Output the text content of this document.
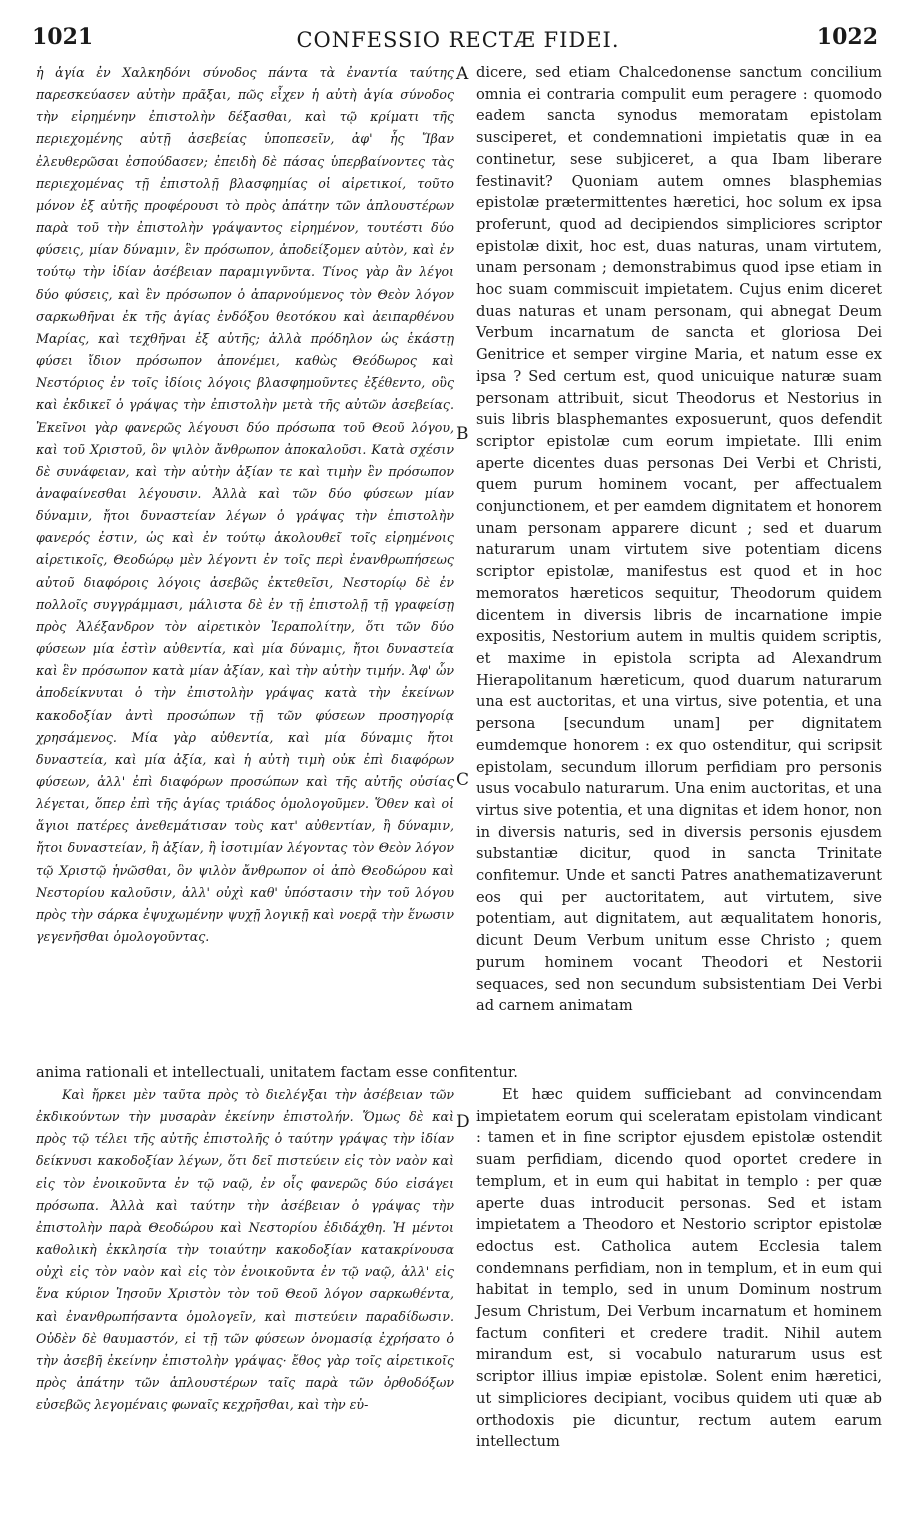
1021	CONFESSIO RECTÆ FIDEI.	1022

ἡ ἁγία ἐν Χαλκηδόνι σύνοδος πάντα τὰ ἐναντία ταύτης παρεσκεύασεν αὐτὴν πρᾶξαι, πῶς εἶχεν ἡ αὐτὴ ἁγία σύνοδος τὴν εἰρημένην ἐπιστολὴν δέξασθαι, καὶ τῷ κρίματι τῆς περιεχομένης αὐτῇ ἀσεβείας ὑποπεσεῖν, ἀφ' ἧς Ἴβαν ἐλευθερῶσαι ἐσπούδασεν; ἐπειδὴ δὲ πάσας ὑπερβαίνοντες τὰς περιεχομένας τῇ ἐπιστολῇ βλασφημίας οἱ αἱρετικοί, τοῦτο μόνον ἐξ αὐτῆς προφέρουσι τὸ πρὸς ἀπάτην τῶν ἁπλουστέρων παρὰ τοῦ τὴν ἐπιστολὴν γράψαντος εἰρημένον, τουτέστι δύο φύσεις, μίαν δύναμιν, ἓν πρόσωπον, ἀποδείξομεν αὐτὸν, καὶ ἐν τούτῳ τὴν ἰδίαν ἀσέβειαν παραμιγνῦντα. Τίνος γὰρ ἂν λέγοι δύο φύσεις, καὶ ἓν πρόσωπον ὁ ἀπαρνούμενος τὸν Θεὸν λόγον σαρκωθῆναι ἐκ τῆς ἁγίας ἐνδόξου θεοτόκου καὶ ἀειπαρθένου Μαρίας, καὶ τεχθῆναι ἐξ αὐτῆς; ἀλλὰ πρόδηλον ὡς ἑκάστῃ φύσει ἴδιον πρόσωπον ἀπονέμει, καθὼς Θεόδωρος καὶ Νεστόριος ἐν τοῖς ἰδίοις λόγοις βλασφημοῦντες ἐξέθεντο, οὓς καὶ ἐκδικεῖ ὁ γράψας τὴν ἐπιστολὴν μετὰ τῆς αὐτῶν ἀσεβείας. Ἐκεῖνοι γὰρ φανερῶς λέγουσι δύο πρόσωπα τοῦ Θεοῦ λόγου, καὶ τοῦ Χριστοῦ, ὃν ψιλὸν ἄνθρωπον ἀποκαλοῦσι. Κατὰ σχέσιν δὲ συνάφειαν, καὶ τὴν αὐτὴν ἀξίαν τε καὶ τιμὴν ἓν πρόσωπον ἀναφαίνεσθαι λέγουσιν. Ἀλλὰ καὶ τῶν δύο φύσεων μίαν δύναμιν, ἤτοι δυναστείαν λέγων ὁ γράψας τὴν ἐπιστολὴν φανερός ἐστιν, ὡς καὶ ἐν τούτῳ ἀκολουθεῖ τοῖς εἰρημένοις αἱρετικοῖς, Θεοδώρῳ μὲν λέγοντι ἐν τοῖς περὶ ἐνανθρωπήσεως αὐτοῦ διαφόροις λόγοις ἀσεβῶς ἐκτεθεῖσι, Νεστορίῳ δὲ ἐν πολλοῖς συγγράμμασι, μάλιστα δὲ ἐν τῇ ἐπιστολῇ τῇ γραφείσῃ πρὸς Ἀλέξανδρον τὸν αἱρετικὸν Ἱεραπολίτην, ὅτι τῶν δύο φύσεων μία ἐστὶν αὐθεντία, καὶ μία δύναμις, ἤτοι δυναστεία καὶ ἓν πρόσωπον κατὰ μίαν ἀξίαν, καὶ τὴν αὐτὴν τιμήν. Ἀφ' ὧν ἀποδείκνυται ὁ τὴν ἐπιστολὴν γράψας κατὰ τὴν ἐκείνων κακοδοξίαν ἀντὶ προσώπων τῇ τῶν φύσεων προσηγορίᾳ χρησάμενος. Μία γὰρ αὐθεντία, καὶ μία δύναμις ἤτοι δυναστεία, καὶ μία ἀξία, καὶ ἡ αὐτὴ τιμὴ οὐκ ἐπὶ διαφόρων φύσεων, ἀλλ' ἐπὶ διαφόρων προσώπων καὶ τῆς αὐτῆς οὐσίας λέγεται, ὅπερ ἐπὶ τῆς ἁγίας τριάδος ὁμολογοῦμεν. Ὅθεν καὶ οἱ ἅγιοι πατέρες ἀνεθεμάτισαν τοὺς κατ' αὐθεντίαν, ἢ δύναμιν, ἤτοι δυναστείαν, ἢ ἀξίαν, ἢ ἰσοτιμίαν λέγοντας τὸν Θεὸν λόγον τῷ Χριστῷ ἡνῶσθαι, ὃν ψιλὸν ἄνθρωπον οἱ ἀπὸ Θεοδώρου καὶ Νεστορίου καλοῦσιν, ἀλλ' οὐχὶ καθ' ὑπόστασιν τὴν τοῦ λόγου πρὸς τὴν σάρκα ἐψυχωμένην ψυχῇ λογικῇ καὶ νοερᾷ τὴν ἕνωσιν γεγενῆσθαι ὁμολογοῦντας.

dicere, sed etiam Chalcedonense sanctum concilium omnia ei contraria compulit eum peragere : quomodo eadem sancta synodus memoratam epistolam susciperet, et condemnationi impietatis quæ in ea continetur, sese subjiceret, a qua Ibam liberare festinavit? Quoniam autem omnes blasphemias epistolæ prætermittentes hæretici, hoc solum ex ipsa proferunt, quod ad decipiendos simpliciores scriptor epistolæ dixit, hoc est, duas naturas, unam virtutem, unam personam ; demonstrabimus quod ipse etiam in hoc suam commiscuit impietatem. Cujus enim diceret duas naturas et unam personam, qui abnegat Deum Verbum incarnatum de sancta et gloriosa Dei Genitrice et semper virgine Maria, et natum esse ex ipsa ? Sed certum est, quod unicuique naturæ suam personam attribuit, sicut Theodorus et Nestorius in suis libris blasphemantes exposuerunt, quos defendit scriptor epistolæ cum eorum impietate. Illi enim aperte dicentes duas personas Dei Verbi et Christi, quem purum hominem vocant, per affectualem conjunctionem, et per eamdem dignitatem et honorem unam personam apparere dicunt ; sed et duarum naturarum unam virtutem sive potentiam dicens scriptor epistolæ, manifestus est quod et in hoc memoratos hæreticos sequitur, Theodorum quidem dicentem in diversis libris de incarnatione impie expositis, Nestorium autem in multis quidem scriptis, et maxime in epistola scripta ad Alexandrum Hierapolitanum hæreticum, quod duarum naturarum una est auctoritas, et una virtus, sive potentia, et una persona [secundum unam] per dignitatem eumdemque honorem : ex quo ostenditur, qui scripsit epistolam, secundum illorum perfidiam pro personis usus vocabulo naturarum. Una enim auctoritas, et una virtus sive potentia, et una dignitas et idem honor, non in diversis naturis, sed in diversis personis ejusdem substantiæ dicitur, quod in sancta Trinitate confitemur. Unde et sancti Patres anathematizaverunt eos qui per auctoritatem, aut virtutem, sive potentiam, aut dignitatem, aut æqualitatem honoris, dicunt Deum Verbum unitum esse Christo ; quem purum hominem vocant Theodori et Nestorii sequaces, sed non secundum subsistentiam Dei Verbi ad carnem animatam

A
B
C
D

anima rationali et intellectuali, unitatem factam esse confitentur.

Καὶ ἤρκει μὲν ταῦτα πρὸς τὸ διελέγξαι τὴν ἀσέβειαν τῶν ἐκδικούντων τὴν μυσαρὰν ἐκείνην ἐπιστολήν. Ὅμως δὲ καὶ πρὸς τῷ τέλει τῆς αὐτῆς ἐπιστολῆς ὁ ταύτην γράψας τὴν ἰδίαν δείκνυσι κακοδοξίαν λέγων, ὅτι δεῖ πιστεύειν εἰς τὸν ναὸν καὶ εἰς τὸν ἐνοικοῦντα ἐν τῷ ναῷ, ἐν οἷς φανερῶς δύο εἰσάγει πρόσωπα. Ἀλλὰ καὶ ταύτην τὴν ἀσέβειαν ὁ γράψας τὴν ἐπιστολὴν παρὰ Θεοδώρου καὶ Νεστορίου ἐδιδάχθη. Ἡ μέντοι καθολικὴ ἐκκλησία τὴν τοιαύτην κακοδοξίαν κατακρίνουσα οὐχὶ εἰς τὸν ναὸν καὶ εἰς τὸν ἐνοικοῦντα ἐν τῷ ναῷ, ἀλλ' εἰς ἕνα κύριον Ἰησοῦν Χριστὸν τὸν τοῦ Θεοῦ λόγον σαρκωθέντα, καὶ ἐνανθρωπήσαντα ὁμολογεῖν, καὶ πιστεύειν παραδίδωσιν. Οὐδὲν δὲ θαυμαστόν, εἰ τῇ τῶν φύσεων ὀνομασίᾳ ἐχρήσατο ὁ τὴν ἀσεβῆ ἐκείνην ἐπιστολὴν γράψας· ἔθος γὰρ τοῖς αἱρετικοῖς πρὸς ἀπάτην τῶν ἁπλουστέρων ταῖς παρὰ τῶν ὀρθοδόξων εὐσεβῶς λεγομέναις φωναῖς κεχρῆσθαι, καὶ τὴν εὐ-

Et hæc quidem sufficiebant ad convincendam impietatem eorum qui sceleratam epistolam vindicant : tamen et in fine scriptor ejusdem epistolæ ostendit suam perfidiam, dicendo quod oportet credere in templum, et in eum qui habitat in templo : per quæ aperte duas introducit personas. Sed et istam impietatem a Theodoro et Nestorio scriptor epistolæ edoctus est. Catholica autem Ecclesia talem condemnans perfidiam, non in templum, et in eum qui habitat in templo, sed in unum Dominum nostrum Jesum Christum, Dei Verbum incarnatum et hominem factum confiteri et credere tradit. Nihil autem mirandum est, si vocabulo naturarum usus est scriptor illius impiæ epistolæ. Solent enim hæretici, ut simpliciores decipiant, vocibus quidem uti quæ ab orthodoxis pie dicuntur, rectum autem earum intellectum
